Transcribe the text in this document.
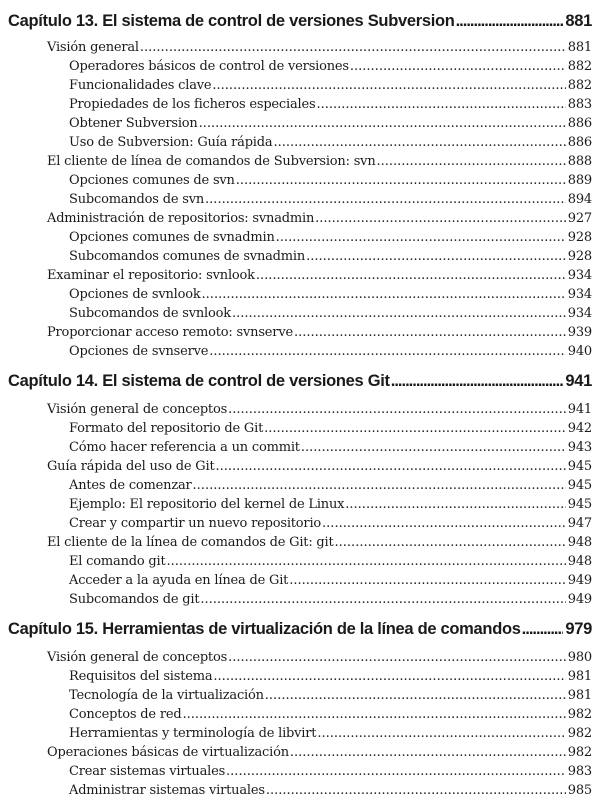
Capítulo 13. El sistema de control de versiones Subversion .....	881
Visión general .....	881
Operadores básicos de control de versiones .....	882
Funcionalidades clave .....	882
Propiedades de los ficheros especiales .....	883
Obtener Subversion .....	886
Uso de Subversion: Guía rápida .....	886
El cliente de línea de comandos de Subversion: svn .....	888
Opciones comunes de svn .....	889
Subcomandos de svn .....	894
Administración de repositorios: svnadmin .....	927
Opciones comunes de svnadmin .....	928
Subcomandos comunes de svnadmin .....	928
Examinar el repositorio: svnlook .....	934
Opciones de svnlook .....	934
Subcomandos de svnlook .....	934
Proporcionar acceso remoto: svnserve .....	939
Opciones de svnserve .....	940
Capítulo 14. El sistema de control de versiones Git .....	941
Visión general de conceptos .....	941
Formato del repositorio de Git .....	942
Cómo hacer referencia a un commit .....	943
Guía rápida del uso de Git .....	945
Antes de comenzar .....	945
Ejemplo: El repositorio del kernel de Linux .....	945
Crear y compartir un nuevo repositorio .....	947
El cliente de la línea de comandos de Git: git .....	948
El comando git .....	948
Acceder a la ayuda en línea de Git .....	949
Subcomandos de git .....	949
Capítulo 15. Herramientas de virtualización de la línea de comandos .....	979
Visión general de conceptos .....	980
Requisitos del sistema .....	981
Tecnología de la virtualización .....	981
Conceptos de red .....	982
Herramientas y terminología de libvirt .....	982
Operaciones básicas de virtualización .....	982
Crear sistemas virtuales .....	983
Administrar sistemas virtuales .....	985
